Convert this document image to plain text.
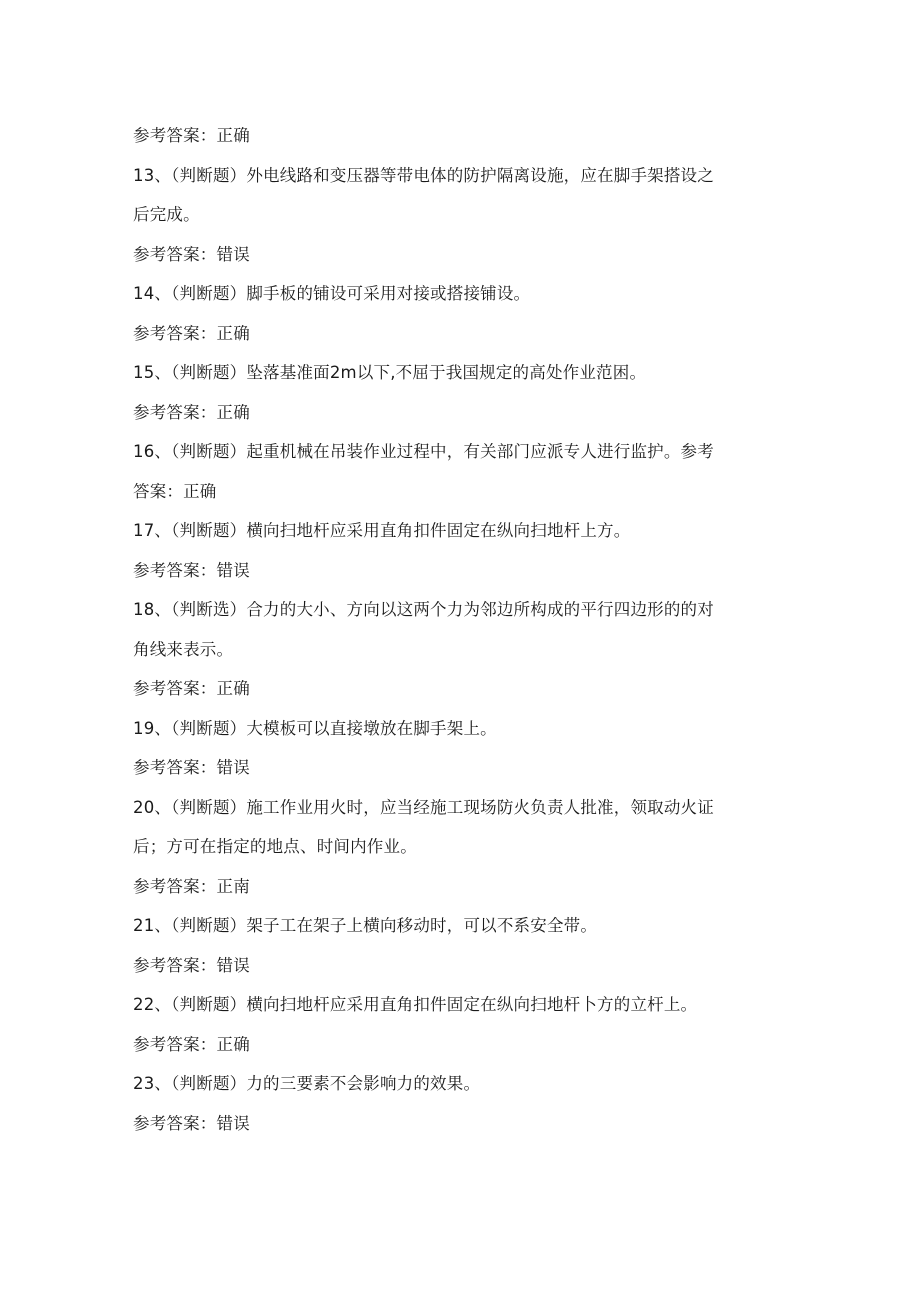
参考答案：正确
13、（判断题）外电线路和变压器等带电体的防护隔离设施，应在脚手架搭设之
后完成。
参考答案：错误
14、（判断题）脚手板的铺设可采用对接或搭接铺设。
参考答案：正确
15、（判断题）坠落基准面2m以下,不屈于我国规定的高处作业范困。
参考答案：正确
16、（判断题）起重机械在吊装作业过程中，有关部门应派专人进行监护。参考
答案：正确
17、（判断题）横向扫地杆应采用直角扣件固定在纵向扫地杆上方。
参考答案：错误
18、（判断选）合力的大小、方向以这两个力为邻边所构成的平行四边形的的对
角线来表示。
参考答案：正确
19、（判断题）大模板可以直接墩放在脚手架上。
参考答案：错误
20、（判断题）施工作业用火时，应当经施工现场防火负责人批准，领取动火证
后；方可在指定的地点、时间内作业。
参考答案：正南
21、（判断题）架子工在架子上横向移动时，可以不系安全带。
参考答案：错误
22、（判断题）横向扫地杆应采用直角扣件固定在纵向扫地杆卜方的立杆上。
参考答案：正确
23、（判断题）力的三要素不会影响力的效果。
参考答案：错误
